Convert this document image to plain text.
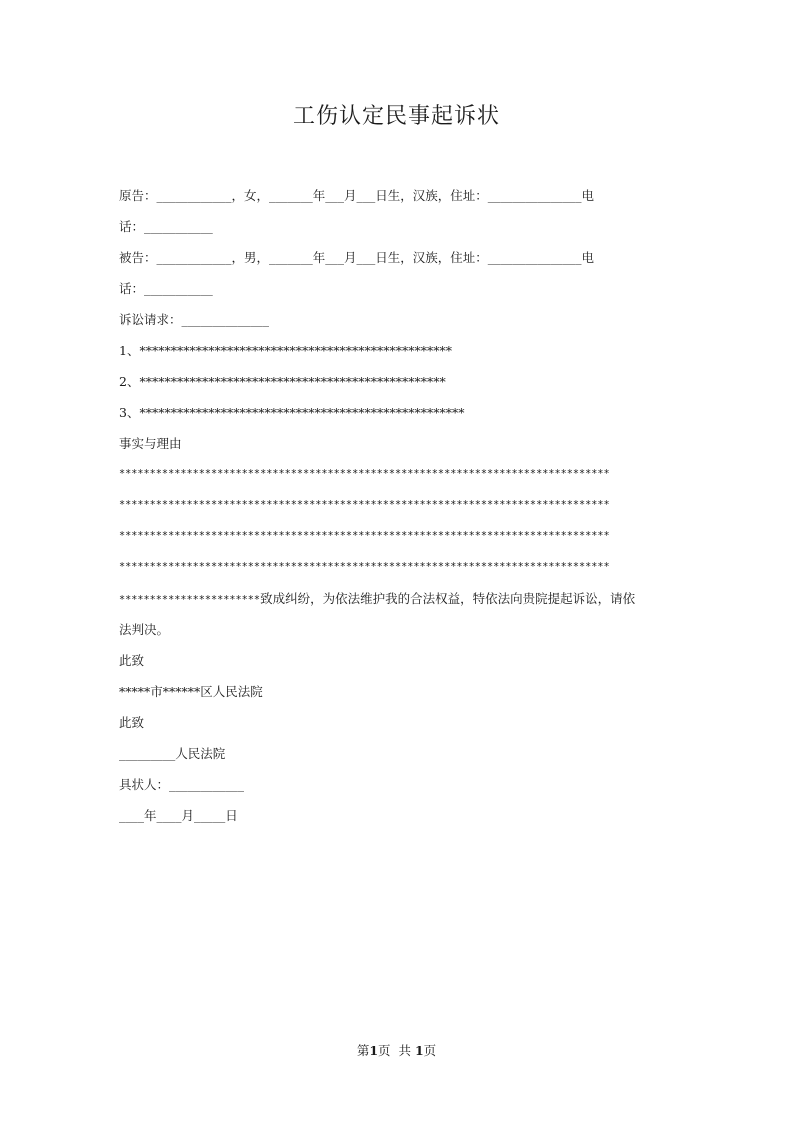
工伤认定民事起诉状
原告：____________，女，_______年___月___日生，汉族，住址：_______________电
话：___________
被告：____________，男，_______年___月___日生，汉族，住址：_______________电
话：___________
诉讼请求：______________
1、**************************************************
2、*************************************************
3、****************************************************
事实与理由
********************************************************************************
********************************************************************************
********************************************************************************
********************************************************************************
***********************致成纠纷，为依法维护我的合法权益，特依法向贵院提起诉讼，请依
法判决。
此致
*****市******区人民法院
此致
_________人民法院
具状人：____________
____年____月_____日
第1页  共 1页
